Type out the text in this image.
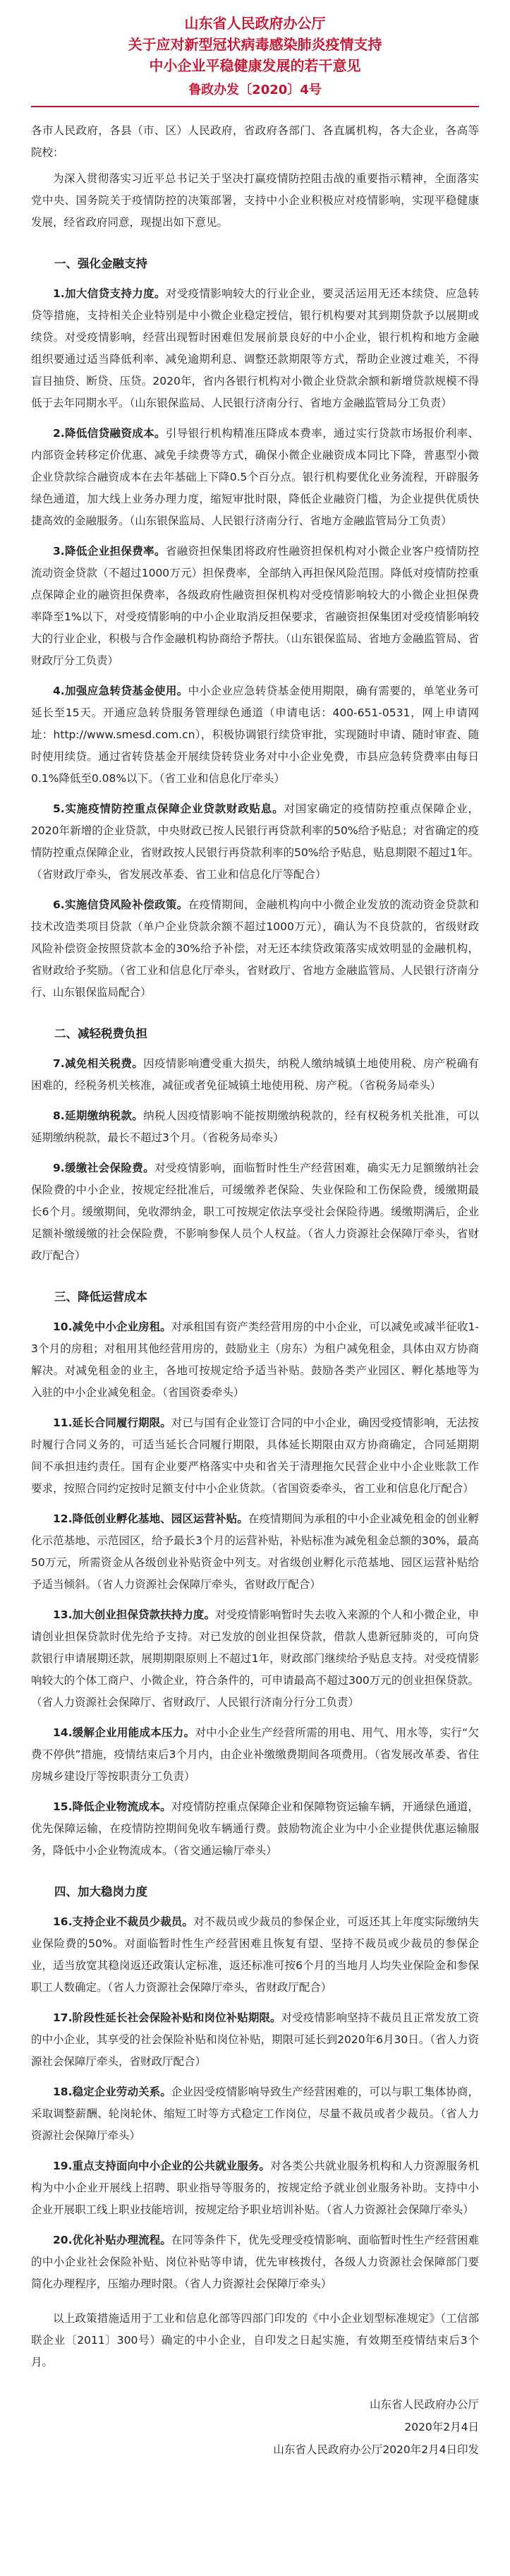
山东省人民政府办公厅
关于应对新型冠状病毒感染肺炎疫情支持
中小企业平稳健康发展的若干意见
鲁政办发〔2020〕4号

各市人民政府，各县（市、区）人民政府，省政府各部门、各直属机构，各大企业，各高等院校：

为深入贯彻落实习近平总书记关于坚决打赢疫情防控阻击战的重要指示精神，全面落实党中央、国务院关于疫情防控的决策部署，支持中小企业积极应对疫情影响，实现平稳健康发展，经省政府同意，现提出如下意见。

一、强化金融支持

1.加大信贷支持力度。对受疫情影响较大的行业企业，要灵活运用无还本续贷、应急转贷等措施，支持相关企业特别是中小微企业稳定授信，银行机构要对其到期贷款予以展期或续贷。对受疫情影响，经营出现暂时困难但发展前景良好的中小企业，银行机构和地方金融组织要通过适当降低利率、减免逾期利息、调整还款期限等方式，帮助企业渡过难关，不得盲目抽贷、断贷、压贷。2020年，省内各银行机构对小微企业贷款余额和新增贷款规模不得低于去年同期水平。（山东银保监局、人民银行济南分行、省地方金融监管局分工负责）

2.降低信贷融资成本。引导银行机构精准压降成本费率，通过实行贷款市场报价利率、内部资金转移定价优惠、减免手续费等方式，确保小微企业融资成本同比下降，普惠型小微企业贷款综合融资成本在去年基础上下降0.5个百分点。银行机构要优化业务流程，开辟服务绿色通道，加大线上业务办理力度，缩短审批时限，降低企业融资门槛，为企业提供优质快捷高效的金融服务。（山东银保监局、人民银行济南分行、省地方金融监管局分工负责）

3.降低企业担保费率。省融资担保集团将政府性融资担保机构对小微企业客户疫情防控流动资金贷款（不超过1000万元）担保费率，全部纳入再担保风险范围。降低对疫情防控重点保障企业的融资担保费率，各级政府性融资担保机构对受疫情影响较大的小微企业担保费率降至1%以下，对受疫情影响的中小企业取消反担保要求，省融资担保集团对受疫情影响较大的行业企业，积极与合作金融机构协商给予帮扶。（山东银保监局、省地方金融监管局、省财政厅分工负责）

4.加强应急转贷基金使用。中小企业应急转贷基金使用期限，确有需要的，单笔业务可延长至15天。开通应急转贷服务管理绿色通道（申请电话：400-651-0531，网上申请网址：http://www.smesd.com.cn），积极协调银行续贷审批，实现随时申请、随时审查、随时使用续贷。通过省转贷基金开展续贷转贷业务对中小企业免费，市县应急转贷费率由每日0.1%降低至0.08%以下。（省工业和信息化厅牵头）

5.实施疫情防控重点保障企业贷款财政贴息。对国家确定的疫情防控重点保障企业，2020年新增的企业贷款，中央财政已按人民银行再贷款利率的50%给予贴息；对省确定的疫情防控重点保障企业，省财政按人民银行再贷款利率的50%给予贴息，贴息期限不超过1年。（省财政厅牵头，省发展改革委、省工业和信息化厅等配合）

6.实施信贷风险补偿政策。在疫情期间，金融机构向中小微企业发放的流动资金贷款和技术改造类项目贷款（单户企业贷款余额不超过1000万元），确认为不良贷款的，省级财政风险补偿资金按照贷款本金的30%给予补偿，对无还本续贷政策落实成效明显的金融机构，省财政给予奖励。（省工业和信息化厅牵头，省财政厅、省地方金融监管局、人民银行济南分行、山东银保监局配合）

二、减轻税费负担

7.减免相关税费。因疫情影响遭受重大损失，纳税人缴纳城镇土地使用税、房产税确有困难的，经税务机关核准，减征或者免征城镇土地使用税、房产税。（省税务局牵头）

8.延期缴纳税款。纳税人因疫情影响不能按期缴纳税款的，经有权税务机关批准，可以延期缴纳税款，最长不超过3个月。（省税务局牵头）

9.缓缴社会保险费。对受疫情影响，面临暂时性生产经营困难，确实无力足额缴纳社会保险费的中小企业，按规定经批准后，可缓缴养老保险、失业保险和工伤保险费，缓缴期最长6个月。缓缴期间，免收滞纳金，职工可按规定依法享受社会保险待遇。缓缴期满后，企业足额补缴缓缴的社会保险费，不影响参保人员个人权益。（省人力资源社会保障厅牵头，省财政厅配合）

三、降低运营成本

10.减免中小企业房租。对承租国有资产类经营用房的中小企业，可以减免或减半征收1-3个月的房租；对租用其他经营用房的，鼓励业主（房东）为租户减免租金，具体由双方协商解决。对减免租金的业主，各地可按规定给予适当补贴。鼓励各类产业园区、孵化基地等为入驻的中小企业减免租金。（省国资委牵头）

11.延长合同履行期限。对已与国有企业签订合同的中小企业，确因受疫情影响，无法按时履行合同义务的，可适当延长合同履行期限，具体延长期限由双方协商确定，合同延期期间不承担违约责任。国有企业要严格落实中央和省关于清理拖欠民营企业中小企业账款工作要求，按照合同约定按时足额支付中小企业货款。（省国资委牵头，省工业和信息化厅配合）

12.降低创业孵化基地、园区运营补贴。在疫情期间为承租的中小企业减免租金的创业孵化示范基地、示范园区，给予最长3个月的运营补贴，补贴标准为减免租金总额的30%，最高50万元，所需资金从各级创业补贴资金中列支。对省级创业孵化示范基地、园区运营补贴给予适当倾斜。（省人力资源社会保障厅牵头，省财政厅配合）

13.加大创业担保贷款扶持力度。对受疫情影响暂时失去收入来源的个人和小微企业，申请创业担保贷款时优先给予支持。对已发放的创业担保贷款，借款人患新冠肺炎的，可向贷款银行申请展期还款，展期期限原则上不超过1年，财政部门继续给予贴息支持。对受疫情影响较大的个体工商户、小微企业，符合条件的，可申请最高不超过300万元的创业担保贷款。（省人力资源社会保障厅、省财政厅、人民银行济南分行分工负责）

14.缓解企业用能成本压力。对中小企业生产经营所需的用电、用气、用水等，实行“欠费不停供”措施，疫情结束后3个月内，由企业补缴缴费期间各项费用。（省发展改革委、省住房城乡建设厅等按职责分工负责）

15.降低企业物流成本。对疫情防控重点保障企业和保障物资运输车辆，开通绿色通道，优先保障运输，在疫情防控期间免收车辆通行费。鼓励物流企业为中小企业提供优惠运输服务，降低中小企业物流成本。（省交通运输厅牵头）

四、加大稳岗力度

16.支持企业不裁员少裁员。对不裁员或少裁员的参保企业，可返还其上年度实际缴纳失业保险费的50%。对面临暂时性生产经营困难且恢复有望、坚持不裁员或少裁员的参保企业，适当放宽其稳岗返还政策认定标准，返还标准可按6个月的当地月人均失业保险金和参保职工人数确定。（省人力资源社会保障厅牵头，省财政厅配合）

17.阶段性延长社会保险补贴和岗位补贴期限。对受疫情影响坚持不裁员且正常发放工资的中小企业，其享受的社会保险补贴和岗位补贴，期限可延长到2020年6月30日。（省人力资源社会保障厅牵头，省财政厅配合）

18.稳定企业劳动关系。企业因受疫情影响导致生产经营困难的，可以与职工集体协商，采取调整薪酬、轮岗轮休、缩短工时等方式稳定工作岗位，尽量不裁员或者少裁员。（省人力资源社会保障厅牵头）

19.重点支持面向中小企业的公共就业服务。对各类公共就业服务机构和人力资源服务机构为中小企业开展线上招聘、职业指导等服务的，按规定给予就业创业服务补助。支持中小企业开展职工线上职业技能培训，按规定给予职业培训补贴。（省人力资源社会保障厅牵头）

20.优化补贴办理流程。在同等条件下，优先受理受疫情影响、面临暂时性生产经营困难的中小企业社会保险补贴、岗位补贴等申请，优先审核拨付，各级人力资源社会保障部门要简化办理程序，压缩办理时限。（省人力资源社会保障厅牵头）

以上政策措施适用于工业和信息化部等四部门印发的《中小企业划型标准规定》（工信部联企业〔2011〕300号）确定的中小企业，自印发之日起实施，有效期至疫情结束后3个月。

山东省人民政府办公厅
2020年2月4日
山东省人民政府办公厅2020年2月4日印发
